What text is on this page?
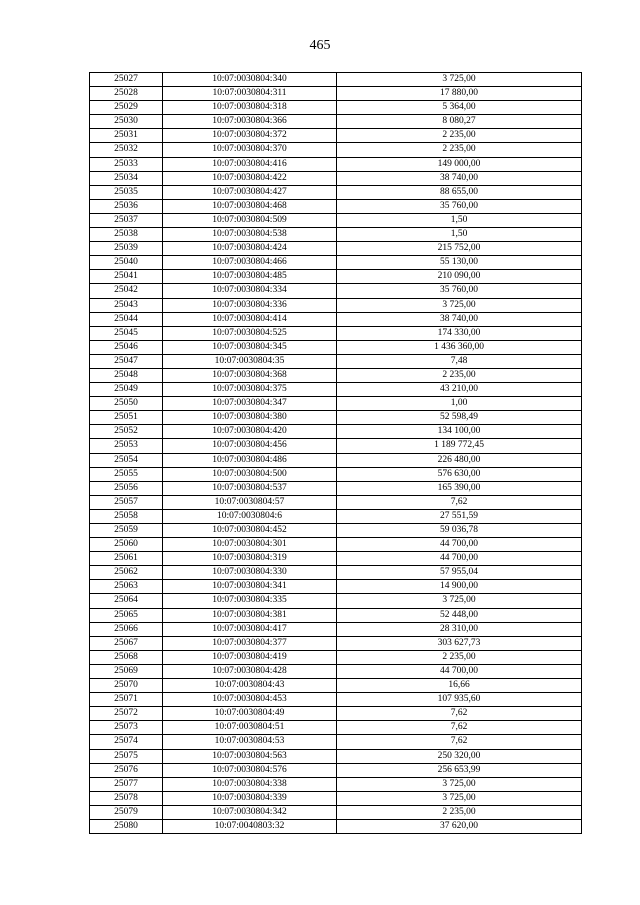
465
25027	10:07:0030804:340	3 725,00
25028	10:07:0030804:311	17 880,00
25029	10:07:0030804:318	5 364,00
25030	10:07:0030804:366	8 080,27
25031	10:07:0030804:372	2 235,00
25032	10:07:0030804:370	2 235,00
25033	10:07:0030804:416	149 000,00
25034	10:07:0030804:422	38 740,00
25035	10:07:0030804:427	88 655,00
25036	10:07:0030804:468	35 760,00
25037	10:07:0030804:509	1,50
25038	10:07:0030804:538	1,50
25039	10:07:0030804:424	215 752,00
25040	10:07:0030804:466	55 130,00
25041	10:07:0030804:485	210 090,00
25042	10:07:0030804:334	35 760,00
25043	10:07:0030804:336	3 725,00
25044	10:07:0030804:414	38 740,00
25045	10:07:0030804:525	174 330,00
25046	10:07:0030804:345	1 436 360,00
25047	10:07:0030804:35	7,48
25048	10:07:0030804:368	2 235,00
25049	10:07:0030804:375	43 210,00
25050	10:07:0030804:347	1,00
25051	10:07:0030804:380	52 598,49
25052	10:07:0030804:420	134 100,00
25053	10:07:0030804:456	1 189 772,45
25054	10:07:0030804:486	226 480,00
25055	10:07:0030804:500	576 630,00
25056	10:07:0030804:537	165 390,00
25057	10:07:0030804:57	7,62
25058	10:07:0030804:6	27 551,59
25059	10:07:0030804:452	59 036,78
25060	10:07:0030804:301	44 700,00
25061	10:07:0030804:319	44 700,00
25062	10:07:0030804:330	57 955,04
25063	10:07:0030804:341	14 900,00
25064	10:07:0030804:335	3 725,00
25065	10:07:0030804:381	52 448,00
25066	10:07:0030804:417	28 310,00
25067	10:07:0030804:377	303 627,73
25068	10:07:0030804:419	2 235,00
25069	10:07:0030804:428	44 700,00
25070	10:07:0030804:43	16,66
25071	10:07:0030804:453	107 935,60
25072	10:07:0030804:49	7,62
25073	10:07:0030804:51	7,62
25074	10:07:0030804:53	7,62
25075	10:07:0030804:563	250 320,00
25076	10:07:0030804:576	256 653,99
25077	10:07:0030804:338	3 725,00
25078	10:07:0030804:339	3 725,00
25079	10:07:0030804:342	2 235,00
25080	10:07:0040803:32	37 620,00
